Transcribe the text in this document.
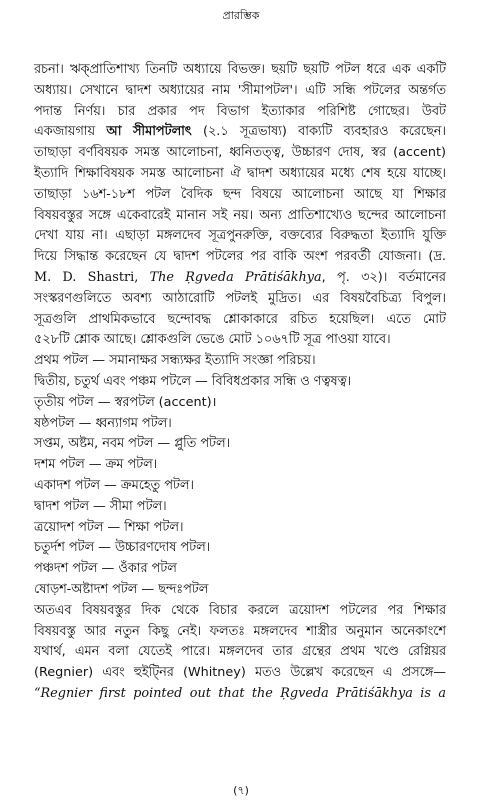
প্রারম্ভিক

রচনা। ঋক্প্রাতিশাখ্য তিনটি অধ্যায়ে বিভক্ত। ছয়টি ছয়টি পটল ধরে এক একটি

অধ্যায়। সেখানে দ্বাদশ অধ্যায়ের নাম 'সীমাপটল'। এটি সন্ধি পটলের অন্তর্গত

পদান্ত নির্ণয়। চার প্রকার পদ বিভাগ ইত্যাকার পরিশিষ্ট গোছের। উবট

একজায়গায় আ সীমাপটলাৎ (২.১ সূত্রভাষ্য) বাক্যটি ব্যবহারও করেছেন।

তাছাড়া বর্ণবিষয়ক সমস্ত আলোচনা, ধ্বনিতত্ত্ব, উচ্চারণ দোষ, স্বর (accent)

ইত্যাদি শিক্ষাবিষয়ক সমস্ত আলোচনা ঐ দ্বাদশ অধ্যায়ের মধ্যে শেষ হয়ে যাচ্ছে।

তাছাড়া ১৬শ-১৮শ পটল বৈদিক ছন্দ বিষয়ে আলোচনা আছে যা শিক্ষার

বিষয়বস্তুর সঙ্গে একেবারেই মানান সই নয়। অন্য প্রাতিশাখ্যেও ছন্দের আলোচনা

দেখা যায় না। এছাড়া মঙ্গলদেব সূত্রপুনরুক্তি, বক্তব্যের বিরুদ্ধতা ইত্যাদি যুক্তি

দিয়ে সিদ্ধান্ত করেছেন যে দ্বাদশ পটলের পর বাকি অংশ পরবর্তী যোজনা। (দ্র.

M. D. Shastri, The Ṛgveda Prātiśākhya, পৃ. ৩২)। বর্তমানের

সংস্করণগুলিতে অবশ্য আঠারোটি পটলই মুদ্রিত। এর বিষয়বৈচিত্র্য বিপুল।

সূত্রগুলি প্রাথমিকভাবে ছন্দোবদ্ধ শ্লোকাকারে রচিত হয়েছিল। এতে মোট

৫২৮টি শ্লোক আছে। শ্লোকগুলি ভেঙে মোট ১০৬৭টি সূত্র পাওয়া যাবে।

প্রথম পটল — সমানাক্ষর সন্ধ্যক্ষর ইত্যাদি সংজ্ঞা পরিচয়।

দ্বিতীয়, চতুর্থ এবং পঞ্চম পটলে — বিবিধপ্রকার সন্ধি ও ণত্বষত্ব।

তৃতীয় পটল — স্বরপটল (accent)।

ষষ্ঠপটল — ধ্বন্যাগম পটল।

সপ্তম, অষ্টম, নবম পটল — প্লুতি পটল।

দশম পটল — ক্রম পটল।

একাদশ পটল — ক্রমহেতু পটল।

দ্বাদশ পটল — সীমা পটল।

ত্রয়োদশ পটল — শিক্ষা পটল।

চতুর্দশ পটল — উচ্চারণদোষ পটল।

পঞ্চদশ পটল — ওঁকার পটল

ষোড়শ-অষ্টাদশ পটল — ছন্দঃপটল

অতএব বিষয়বস্তুর দিক থেকে বিচার করলে ত্রয়োদশ পটলের পর শিক্ষার

বিষয়বস্তু আর নতুন কিছু নেই। ফলতঃ মঙ্গলদেব শাস্ত্রীর অনুমান অনেকাংশে

যথার্থ, এমন বলা যেতেই পারে। মঙ্গলদেব তার গ্রন্থের প্রথম খণ্ডে রেগ্নিয়র

(Regnier) এবং হুইট্নির (Whitney) মতও উল্লেখ করেছেন এ প্রসঙ্গে—

“Regnier first pointed out that the Ṛgveda Prātiśākhya is a

(৭)
